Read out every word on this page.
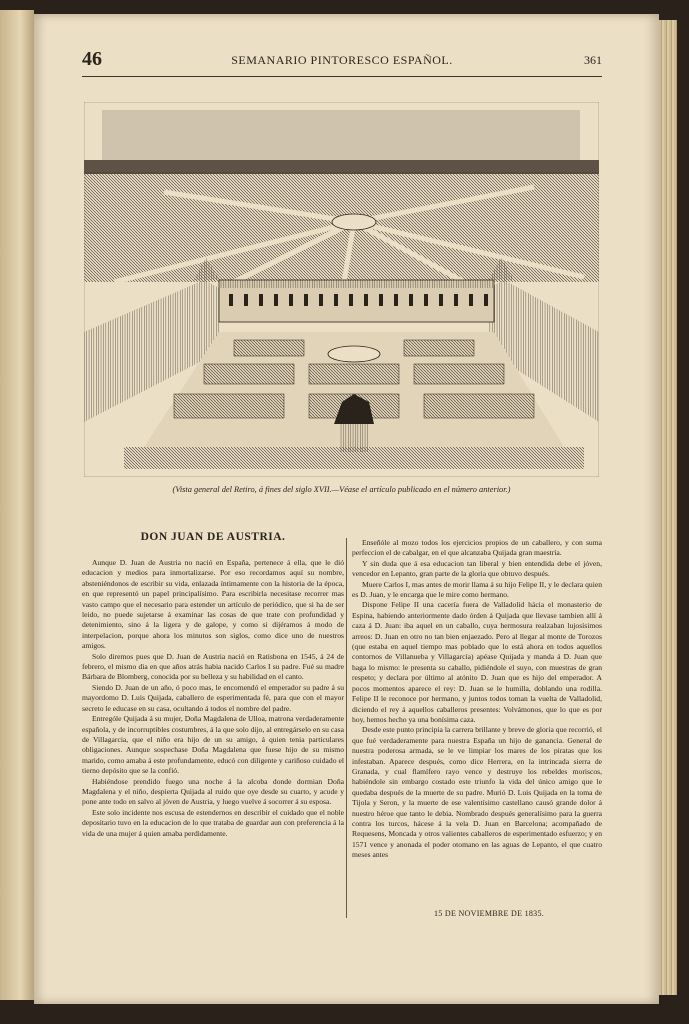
46	SEMANARIO PINTORESCO ESPAÑOL.	361
(Vista general del Retiro, á fines del siglo XVII.—Véase el artículo publicado en el número anterior.)
DON JUAN DE AUSTRIA.

Aunque D. Juan de Austria no nació en España, pertenece á ella, que le dió educacion y medios para inmortalizarse. Por eso recordamos aquí su nombre, absteniéndonos de escribir su vida, enlazada íntimamente con la historia de la época, en que representó un papel principalísimo. Para escribirla necesitase recorrer mas vasto campo que el necesario para estender un artículo de periódico, que si ha de ser leido, no puede sujetarse á examinar las cosas de que trate con profundidad y detenimiento, sino á la ligera y de galope, y como si dijéramos á modo de interpelacion, porque ahora los minutos son siglos, como dice uno de nuestros amigos.

Solo diremos pues que D. Juan de Austria nació en Ratisbona en 1545, á 24 de febrero, el mismo dia en que años atrás habia nacido Carlos I su padre. Fué su madre Bárbara de Blomberg, conocida por su belleza y su habilidad en el canto.

Siendo D. Juan de un año, ó poco mas, le encomendó el emperador su padre á su mayordomo D. Luis Quijada, caballero de esperimentada fé, para que con el mayor secreto le educase en su casa, ocultando á todos el nombre del padre.

Entrególe Quijada á su mujer, Doña Magdalena de Ulloa, matrona verdaderamente española, y de incorruptibles costumbres, á la que solo dijo, al entregárselo en su casa de Villagarcia, que el niño era hijo de un su amigo, á quien tenia particulares obligaciones. Aunque sospechase Doña Magdalena que fuese hijo de su mismo marido, como amaba á este profundamente, educó con diligente y cariñoso cuidado el tierno depósito que se la confió.

Habiéndose prendido fuego una noche á la alcoba donde dormian Doña Magdalena y el niño, despierta Quijada al ruido que oye desde su cuarto, y acude y pone ante todo en salvo al jóven de Austria, y luego vuelve á socorrer á su esposa.

Este solo incidente nos escusa de estendernos en describir el cuidado que el noble depositario tuvo en la educacion de lo que trataba de guardar aun con preferencia á la vida de una mujer á quien amaba perdidamente.

Enseñóle al mozo todos los ejercicios propios de un caballero, y con suma perfeccion el de cabalgar, en el que alcanzaba Quijada gran maestría.

Y sin duda que á esa educacion tan liberal y bien entendida debe el jóven, vencedor en Lepanto, gran parte de la gloria que obtuvo después.

Muere Carlos I, mas antes de morir llama á su hijo Felipe II, y le declara quien es D. Juan, y le encarga que le mire como hermano.

Dispone Felipe II una cacería fuera de Valladolid hácia el monasterio de Espina, habiendo anteriormente dado órden á Quijada que llevase tambien allí á caza á D. Juan: iba aquel en un caballo, cuya hermosura realzaban lujosísimos arreos: D. Juan en otro no tan bien enjaezado. Pero al llegar al monte de Torozos (que estaba en aquel tiempo mas poblado que lo está ahora en todos aquellos contornos de Villanueba y Villagarcía) apéase Quijada y manda á D. Juan que haga lo mismo: le presenta su caballo, pidiéndole el suyo, con muestras de gran respeto; y declara por último al atónito D. Juan que es hijo del emperador. A pocos momentos aparece el rey: D. Juan se le humilla, doblando una rodilla. Felipe II le reconoce por hermano, y juntos todos toman la vuelta de Valladolid, diciendo el rey á aquellos caballeros presentes: Volvámonos, que lo que es por hoy, hemos hecho ya una bonísima caza.

Desde este punto principia la carrera brillante y breve de gloria que recorrió, el que fué verdaderamente para nuestra España un hijo de ganancia. General de nuestra poderosa armada, se le ve limpiar los mares de los piratas que los infestaban. Aparece después, como dice Herrera, en la intrincada sierra de Granada, y cual flamífero rayo vence y destruye los rebeldes moriscos, habiéndole sin embargo costado este triunfo la vida del único amigo que le quedaba después de la muerte de su padre. Murió D. Luis Quijada en la toma de Tijola y Seron, y la muerte de ese valentísimo castellano causó grande dolor á nuestro héroe que tanto le debia. Nombrado después generalísimo para la guerra contra los turcos, hácese á la vela D. Juan en Barcelona; acompañado de Requesens, Moncada y otros valientes caballeros de esperimentado esfuerzo; y en 1571 vence y anonada el poder otomano en las aguas de Lepanto, el que cuatro meses antes

15 DE NOVIEMBRE DE 1835.
